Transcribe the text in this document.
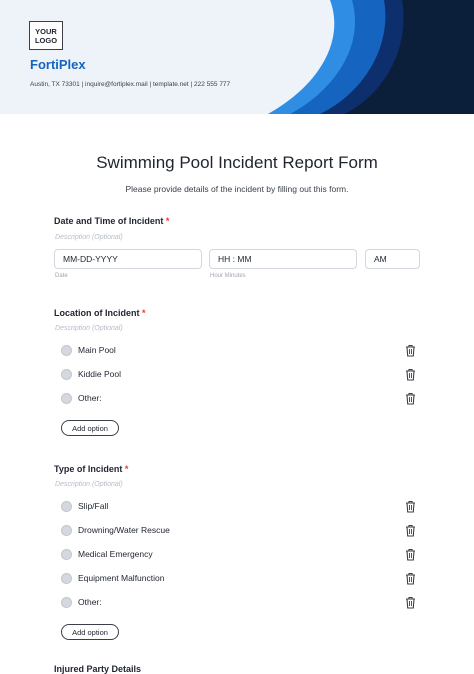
YOUR LOGO
FortiPlex
Austin, TX 73301 | inquire@fortiplex.mail | template.net | 222 555 777
Swimming Pool Incident Report Form
Please provide details of the incident by filling out this form.
Date and Time of Incident *
Description (Optional)
MM-DD-YYYY
Date
HH : MM
Hour Minutes
AM
Location of Incident *
Description (Optional)
Main Pool
Kiddie Pool
Other:
Add option
Type of Incident *
Description (Optional)
Slip/Fall
Drowning/Water Rescue
Medical Emergency
Equipment Malfunction
Other:
Add option
Injured Party Details
